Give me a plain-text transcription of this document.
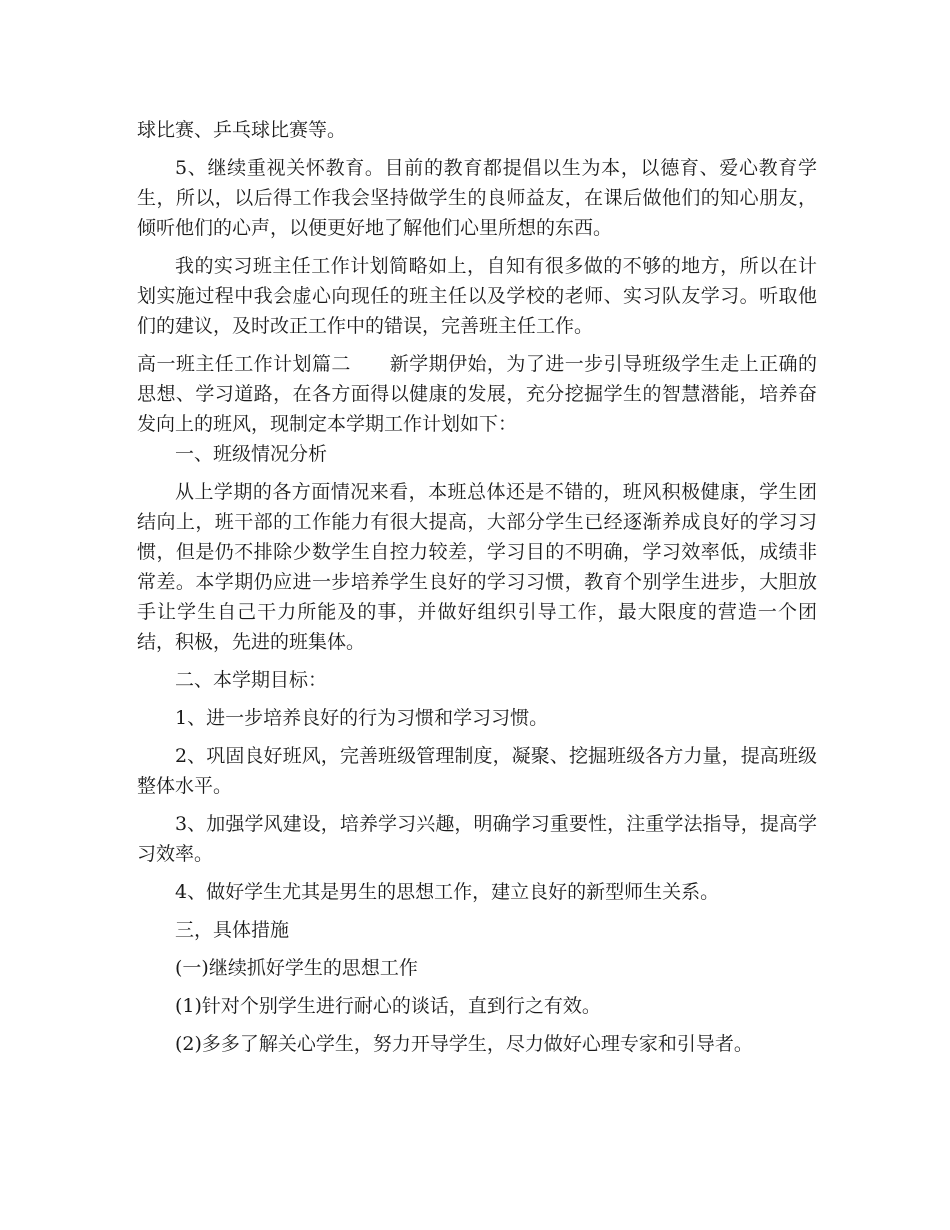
球比赛、乒乓球比赛等。

5、继续重视关怀教育。目前的教育都提倡以生为本，以德育、爱心教育学生，所以，以后得工作我会坚持做学生的良师益友，在课后做他们的知心朋友，倾听他们的心声，以便更好地了解他们心里所想的东西。

我的实习班主任工作计划简略如上，自知有很多做的不够的地方，所以在计划实施过程中我会虚心向现任的班主任以及学校的老师、实习队友学习。听取他们的建议，及时改正工作中的错误，完善班主任工作。

高一班主任工作计划篇二　　新学期伊始，为了进一步引导班级学生走上正确的思想、学习道路，在各方面得以健康的发展，充分挖掘学生的智慧潜能，培养奋发向上的班风，现制定本学期工作计划如下：

一、班级情况分析

从上学期的各方面情况来看，本班总体还是不错的，班风积极健康，学生团结向上，班干部的工作能力有很大提高，大部分学生已经逐渐养成良好的学习习惯，但是仍不排除少数学生自控力较差，学习目的不明确，学习效率低，成绩非常差。本学期仍应进一步培养学生良好的学习习惯，教育个别学生进步，大胆放手让学生自己干力所能及的事，并做好组织引导工作，最大限度的营造一个团结，积极，先进的班集体。

二、本学期目标：

1、进一步培养良好的行为习惯和学习习惯。

2、巩固良好班风，完善班级管理制度，凝聚、挖掘班级各方力量，提高班级整体水平。

3、加强学风建设，培养学习兴趣，明确学习重要性，注重学法指导，提高学习效率。

4、做好学生尤其是男生的思想工作，建立良好的新型师生关系。

三，具体措施

(一)继续抓好学生的思想工作

(1)针对个别学生进行耐心的谈话，直到行之有效。

(2)多多了解关心学生，努力开导学生，尽力做好心理专家和引导者。
